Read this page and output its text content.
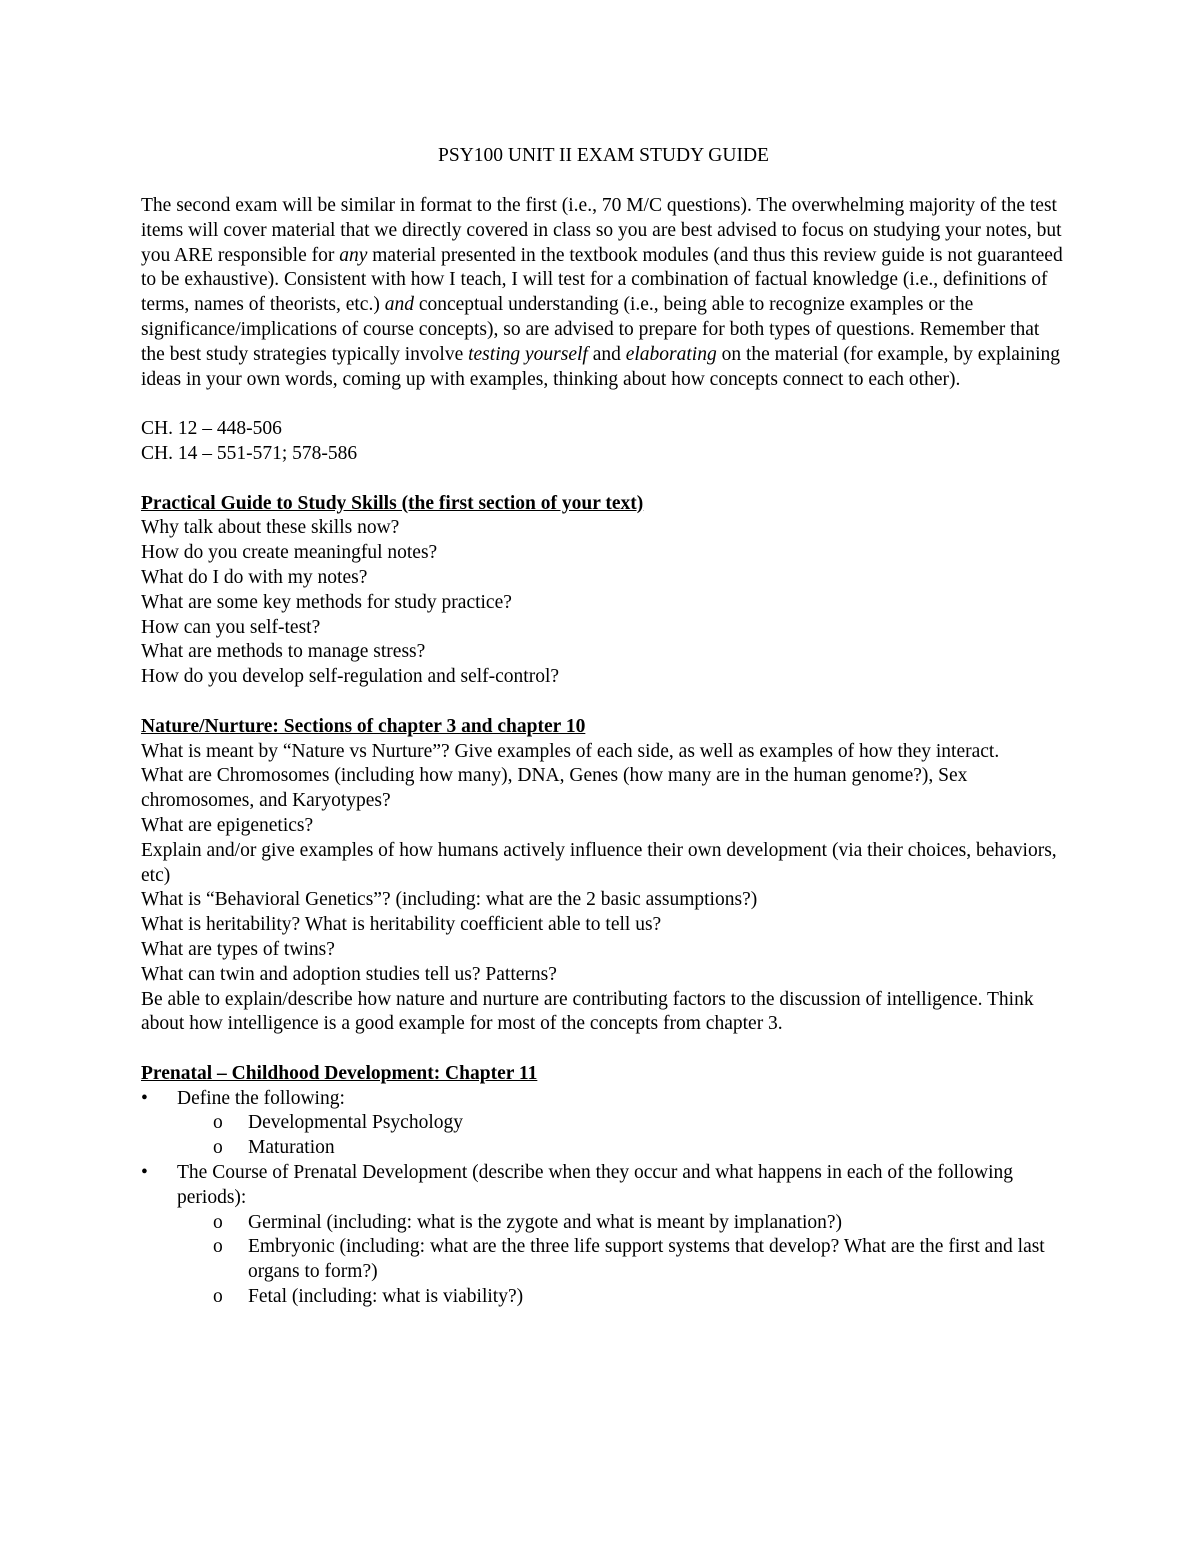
PSY100 UNIT II EXAM STUDY GUIDE

The second exam will be similar in format to the first (i.e., 70 M/C questions). The overwhelming majority of the test items will cover material that we directly covered in class so you are best advised to focus on studying your notes, but you ARE responsible for any material presented in the textbook modules (and thus this review guide is not guaranteed to be exhaustive). Consistent with how I teach, I will test for a combination of factual knowledge (i.e., definitions of terms, names of theorists, etc.) and conceptual understanding (i.e., being able to recognize examples or the significance/implications of course concepts), so are advised to prepare for both types of questions. Remember that the best study strategies typically involve testing yourself and elaborating on the material (for example, by explaining ideas in your own words, coming up with examples, thinking about how concepts connect to each other).

CH. 12 – 448-506

CH. 14 – 551-571; 578-586

Practical Guide to Study Skills (the first section of your text)

Why talk about these skills now?

How do you create meaningful notes?

What do I do with my notes?

What are some key methods for study practice?

How can you self-test?

What are methods to manage stress?

How do you develop self-regulation and self-control?

Nature/Nurture: Sections of chapter 3 and chapter 10

What is meant by “Nature vs Nurture”? Give examples of each side, as well as examples of how they interact.

What are Chromosomes (including how many), DNA, Genes (how many are in the human genome?), Sex chromosomes, and Karyotypes?

What are epigenetics?

Explain and/or give examples of how humans actively influence their own development (via their choices, behaviors, etc)

What is “Behavioral Genetics”? (including: what are the 2 basic assumptions?)

What is heritability? What is heritability coefficient able to tell us?

What are types of twins?

What can twin and adoption studies tell us? Patterns?

Be able to explain/describe how nature and nurture are contributing factors to the discussion of intelligence. Think about how intelligence is a good example for most of the concepts from chapter 3.

Prenatal – Childhood Development: Chapter 11

•	Define the following:
o	Developmental Psychology
o	Maturation
•	The Course of Prenatal Development (describe when they occur and what happens in each of the following periods):
o	Germinal (including: what is the zygote and what is meant by implanation?)
o	Embryonic (including: what are the three life support systems that develop? What are the first and last organs to form?)
o	Fetal (including: what is viability?)
